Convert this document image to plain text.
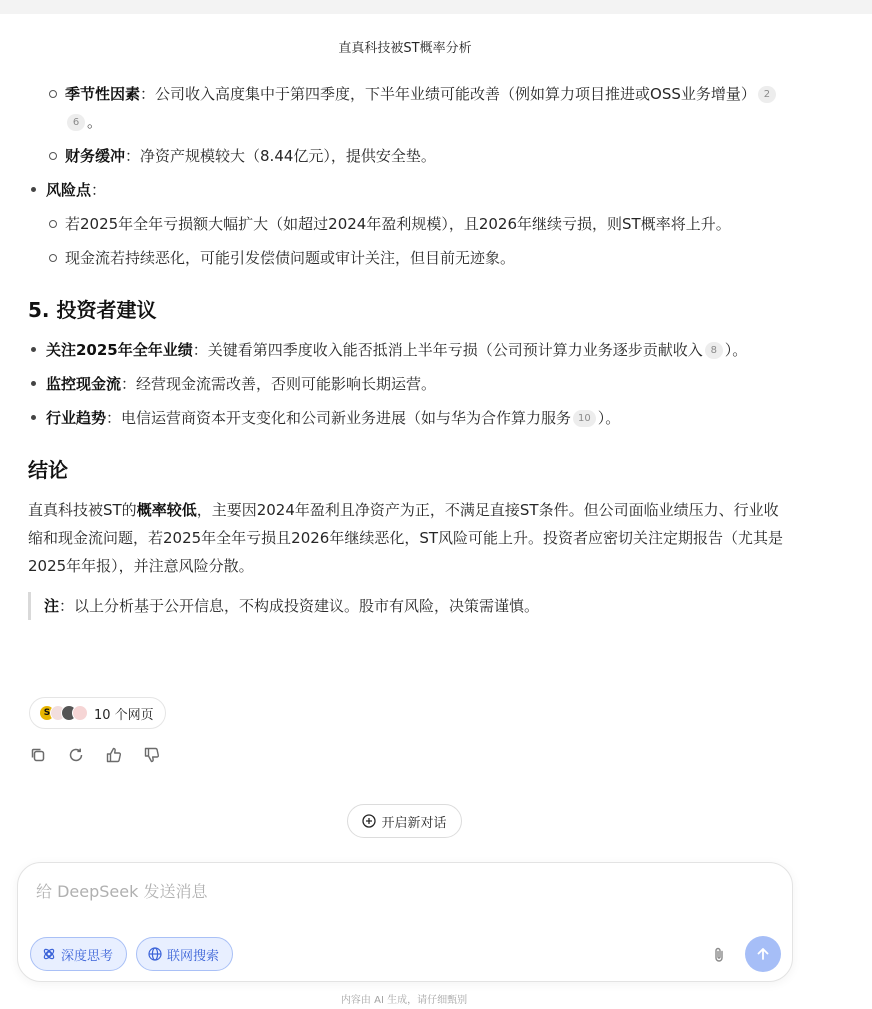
直真科技被ST概率分析
季节性因素：公司收入高度集中于第四季度，下半年业绩可能改善（例如算力项目推进或OSS业务增量） 26 。
财务缓冲：净资产规模较大（8.44亿元），提供安全垫。
风险点：
若2025年全年亏损额大幅扩大（如超过2024年盈利规模），且2026年继续亏损，则ST概率将上升。
现金流若持续恶化，可能引发偿债问题或审计关注，但目前无迹象。
5. 投资者建议
关注2025年全年业绩：关键看第四季度收入能否抵消上半年亏损（公司预计算力业务逐步贡献收入 8 ）。
监控现金流：经营现金流需改善，否则可能影响长期运营。
行业趋势：电信运营商资本开支变化和公司新业务进展（如与华为合作算力服务 10 ）。
结论

直真科技被ST的概率较低，主要因2024年盈利且净资产为正，不满足直接ST条件。但公司面临业绩压力、行业收缩和现金流问题，若2025年全年亏损且2026年继续恶化，ST风险可能上升。投资者应密切关注定期报告（尤其是2025年年报），并注意风险分散。

注：以上分析基于公开信息，不构成投资建议。股市有风险，决策需谨慎。
S	10 个网页
开启新对话
给 DeepSeek 发送消息
深度思考	联网搜索
内容由 AI 生成，请仔细甄别
